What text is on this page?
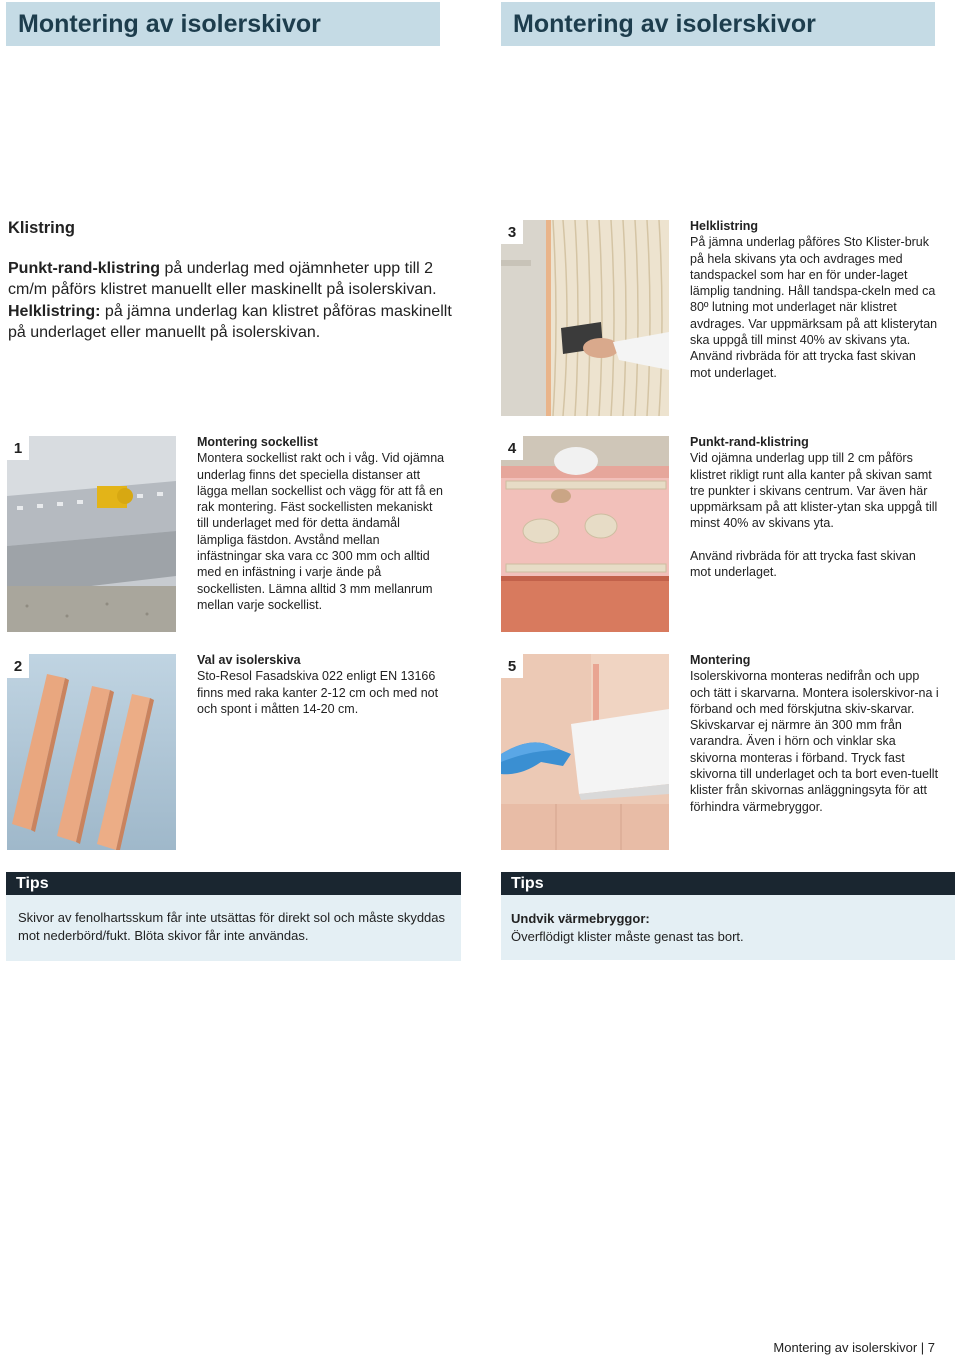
Montering av isolerskivor	Montering av isolerskivor
Klistring

Punkt-rand-klistring på underlag med ojämnheter upp till 2 cm/m påförs klistret manuellt eller maskinellt på isolerskivan.

Helklistring: på jämna underlag kan klistret påföras maskinellt på underlaget eller manuellt på isolerskivan.

3	Helklistring

På jämna underlag påföres Sto Klister-bruk på hela skivans yta och avdrages med tandspackel som har en för under-laget lämplig tandning. Håll tandspa-ckeln med ca 80º lutning mot underlaget när klistret avdrages. Var uppmärksam på att klisterytan ska uppgå till minst 40% av skivans yta. Använd rivbräda för att trycka fast skivan mot underlaget.

1	Montering sockellist

Montera sockellist rakt och i våg. Vid ojämna underlag finns det speciella distanser att lägga mellan sockellist och vägg för att få en rak montering. Fäst sockellisten mekaniskt till underlaget med för detta ändamål lämpliga fästdon. Avstånd mellan infästningar ska vara cc 300 mm och alltid med en infästning i varje ände på sockellisten. Lämna alltid 3 mm mellanrum mellan varje sockellist.

4	Punkt-rand-klistring

Vid ojämna underlag upp till 2 cm påförs klistret rikligt runt alla kanter på skivan samt tre punkter i skivans centrum. Var även här uppmärksam på att klister-ytan ska uppgå till minst 40% av skivans yta.

Använd rivbräda för att trycka fast skivan mot underlaget.

2	Val av isolerskiva

Sto-Resol Fasadskiva 022 enligt EN 13166 finns med raka kanter 2-12 cm och med not och spont i måtten 14-20 cm.

5	Montering

Isolerskivorna monteras nedifrån och upp och tätt i skarvarna. Montera isolerskivor-na i förband och med förskjutna skiv-skarvar. Skivskarvar ej närmre än 300 mm från varandra. Även i hörn och vinklar ska skivorna monteras i förband. Tryck fast skivorna till underlaget och ta bort even-tuellt klister från skivornas anläggningsyta för att förhindra värmebryggor.

Tips
Skivor av fenolhartsskum får inte utsättas för direkt sol och måste skyddas mot nederbörd/fukt. Blöta skivor får inte användas.
Tips
Undvik värmebryggor:
Överflödigt klister måste genast tas bort.
Montering av isolerskivor | 7
